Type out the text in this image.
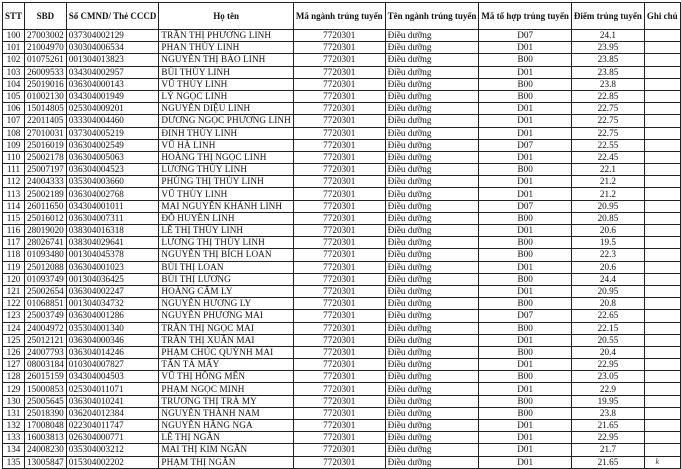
STT	SBD	Số CMND/ Thẻ CCCD	Họ tên	Mã ngành trúng tuyển	Tên ngành trúng tuyển	Mã tổ hợp trúng tuyển	Điểm trúng tuyển	Ghi chú
100	27003002	037304002129	TRẦN THỊ PHƯƠNG LINH	7720301	Điều dưỡng	D07	24.1	
101	21004970	030304006534	PHAN THÙY LINH	7720301	Điều dưỡng	D01	23.95	
102	01075261	001304013823	NGUYỄN THỊ BẢO LINH	7720301	Điều dưỡng	B00	23.85	
103	26009533	034304002957	BÙI THÙY LINH	7720301	Điều dưỡng	D01	23.85	
104	25019016	036304000143	VŨ THÙY LINH	7720301	Điều dưỡng	B00	23.8	
105	01002130	034304001949	LÝ NGỌC LINH	7720301	Điều dưỡng	B00	22.85	
106	15014805	025304009201	NGUYỄN DIỆU LINH	7720301	Điều dưỡng	D01	22.75	
107	22011405	033304004460	DƯƠNG NGỌC PHƯƠNG LINH	7720301	Điều dưỡng	D01	22.75	
108	27010031	037304005219	ĐINH THÙY LINH	7720301	Điều dưỡng	D01	22.75	
109	25016019	036304002549	VŨ HÀ LINH	7720301	Điều dưỡng	D07	22.55	
110	25002178	036304005063	HOÀNG THỊ NGỌC LINH	7720301	Điều dưỡng	D01	22.45	
111	25007197	036304004523	LƯƠNG THÙY LINH	7720301	Điều dưỡng	B00	22.1	
112	24004333	035304003660	PHÙNG THỊ THÙY LINH	7720301	Điều dưỡng	D01	21.2	
113	25002189	036304002768	VŨ THÙY LINH	7720301	Điều dưỡng	D01	21.2	
114	26011650	034304001011	MAI NGUYỄN KHÁNH LINH	7720301	Điều dưỡng	D07	20.95	
115	25016012	036304007311	ĐỖ HUYỀN LINH	7720301	Điều dưỡng	B00	20.85	
116	28019020	038304016318	LÊ THỊ THÙY LINH	7720301	Điều dưỡng	D01	20.6	
117	28026741	038304029641	LƯƠNG THỊ THÙY LINH	7720301	Điều dưỡng	B00	19.5	
118	01093480	001304045378	NGUYỄN THỊ BÍCH LOAN	7720301	Điều dưỡng	B00	22.3	
119	25012088	036304001023	BÙI THỊ LOAN	7720301	Điều dưỡng	D01	20.6	
120	01093749	001304036425	BÙI THỊ LƯƠNG	7720301	Điều dưỡng	B00	24.4	
121	25002654	036304002247	HOÀNG CẨM LY	7720301	Điều dưỡng	D01	20.95	
122	01068851	001304034732	NGUYỄN HƯƠNG LY	7720301	Điều dưỡng	B00	20.8	
123	25003749	036304001286	NGUYỄN PHƯƠNG MAI	7720301	Điều dưỡng	D07	22.65	
124	24004972	035304001340	TRẦN THỊ NGỌC MAI	7720301	Điều dưỡng	B00	22.15	
125	25012121	036304000346	TRẦN THỊ XUÂN MAI	7720301	Điều dưỡng	D01	20.55	
126	24007793	036304014246	PHẠM CHÚC QUỲNH MAI	7720301	Điều dưỡng	B00	20.4	
127	08003184	010304007827	TẨN TẢ MẨY	7720301	Điều dưỡng	D01	22.95	
128	26015159	034304004503	VŨ THỊ HỒNG MẾN	7720301	Điều dưỡng	B00	23.05	
129	15000853	025304011071	PHẠM NGỌC MINH	7720301	Điều dưỡng	D01	22.9	
130	25005645	036304010241	TRƯƠNG THỊ TRÀ MY	7720301	Điều dưỡng	B00	19.95	
131	25018390	036204012384	NGUYỄN THÀNH NAM	7720301	Điều dưỡng	B00	23.8	
132	17008048	022304011747	NGUYỄN HẰNG NGA	7720301	Điều dưỡng	D01	21.65	
133	16003813	026304000771	LÊ THỊ NGÂN	7720301	Điều dưỡng	D01	22.95	
134	24008230	035304003212	MAI THỊ KIM NGÂN	7720301	Điều dưỡng	D01	21.7	
135	13005847	015304002202	PHẠM THỊ NGÂN	7720301	Điều dưỡng	D01	21.65		k
